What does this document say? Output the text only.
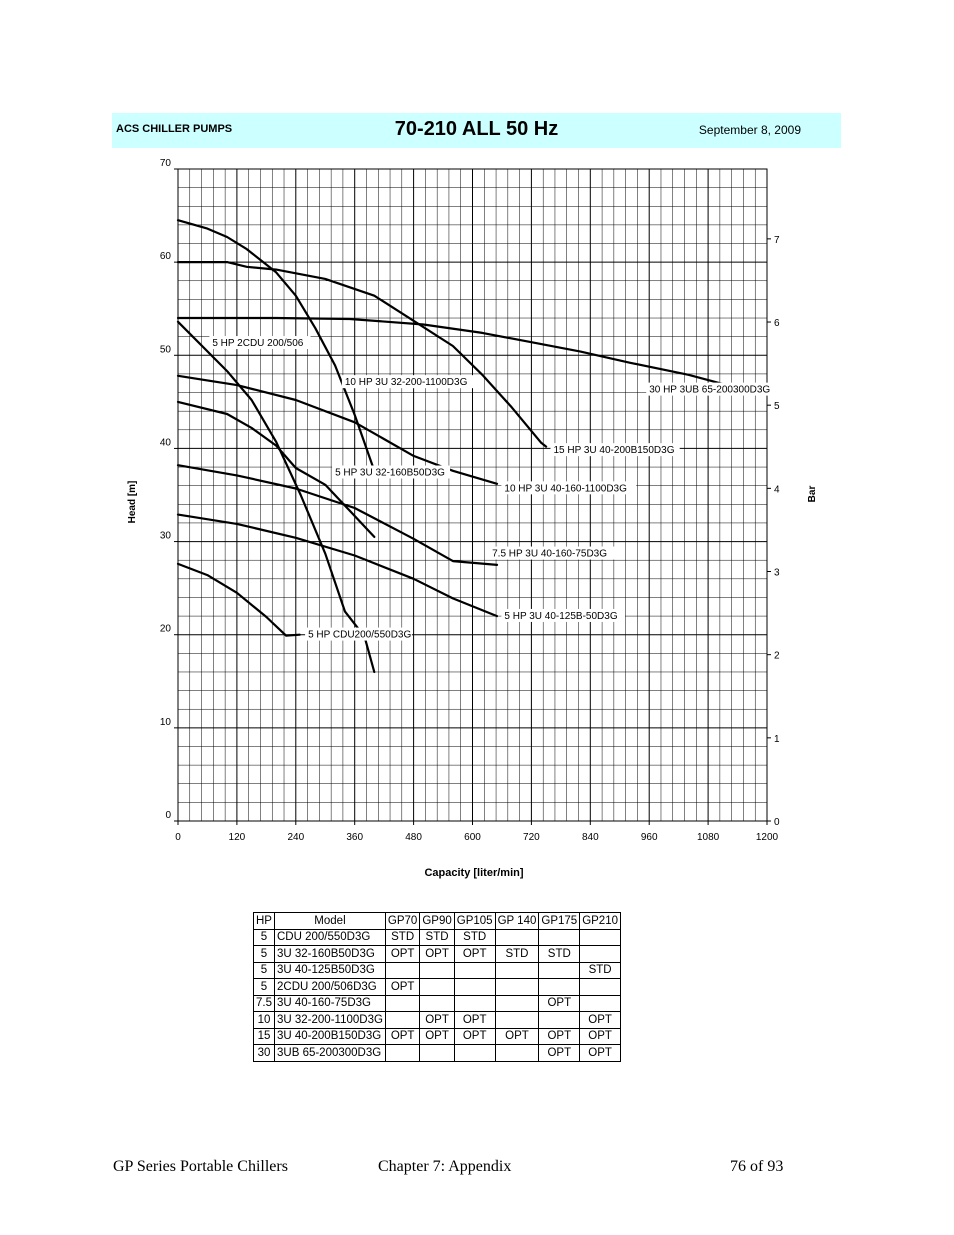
ACS CHILLER PUMPS	70-210 ALL 50 Hz	September 8, 2009
0	120	240	360	480	600	720	840	960	1080	1200
0
10
20
30
40
50
60
70
0
1
2
3
4
5
6
7
5 HP 2CDU 200/506
10 HP 3U 32-200-1100D3G
30 HP 3UB 65-200300D3G
15 HP 3U 40-200B150D3G
5 HP 3U 32-160B50D3G
10 HP 3U 40-160-1100D3G
7.5 HP 3U 40-160-75D3G
5 HP 3U 40-125B-50D3G
5 HP CDU200/550D3G
Capacity [liter/min]
Head [m]	Bar
HP	Model	GP70	GP90	GP105	GP 140	GP175	GP210
5	CDU 200/550D3G	STD	STD	STD			
5	3U 32-160B50D3G	OPT	OPT	OPT	STD	STD	
5	3U 40-125B50D3G						STD
5	2CDU 200/506D3G	OPT					
7.5	3U 40-160-75D3G					OPT	
10	3U 32-200-1100D3G		OPT	OPT			OPT
15	3U 40-200B150D3G	OPT	OPT	OPT	OPT	OPT	OPT
30	3UB 65-200300D3G					OPT	OPT
GP Series Portable Chillers	Chapter 7: Appendix	76 of 93
